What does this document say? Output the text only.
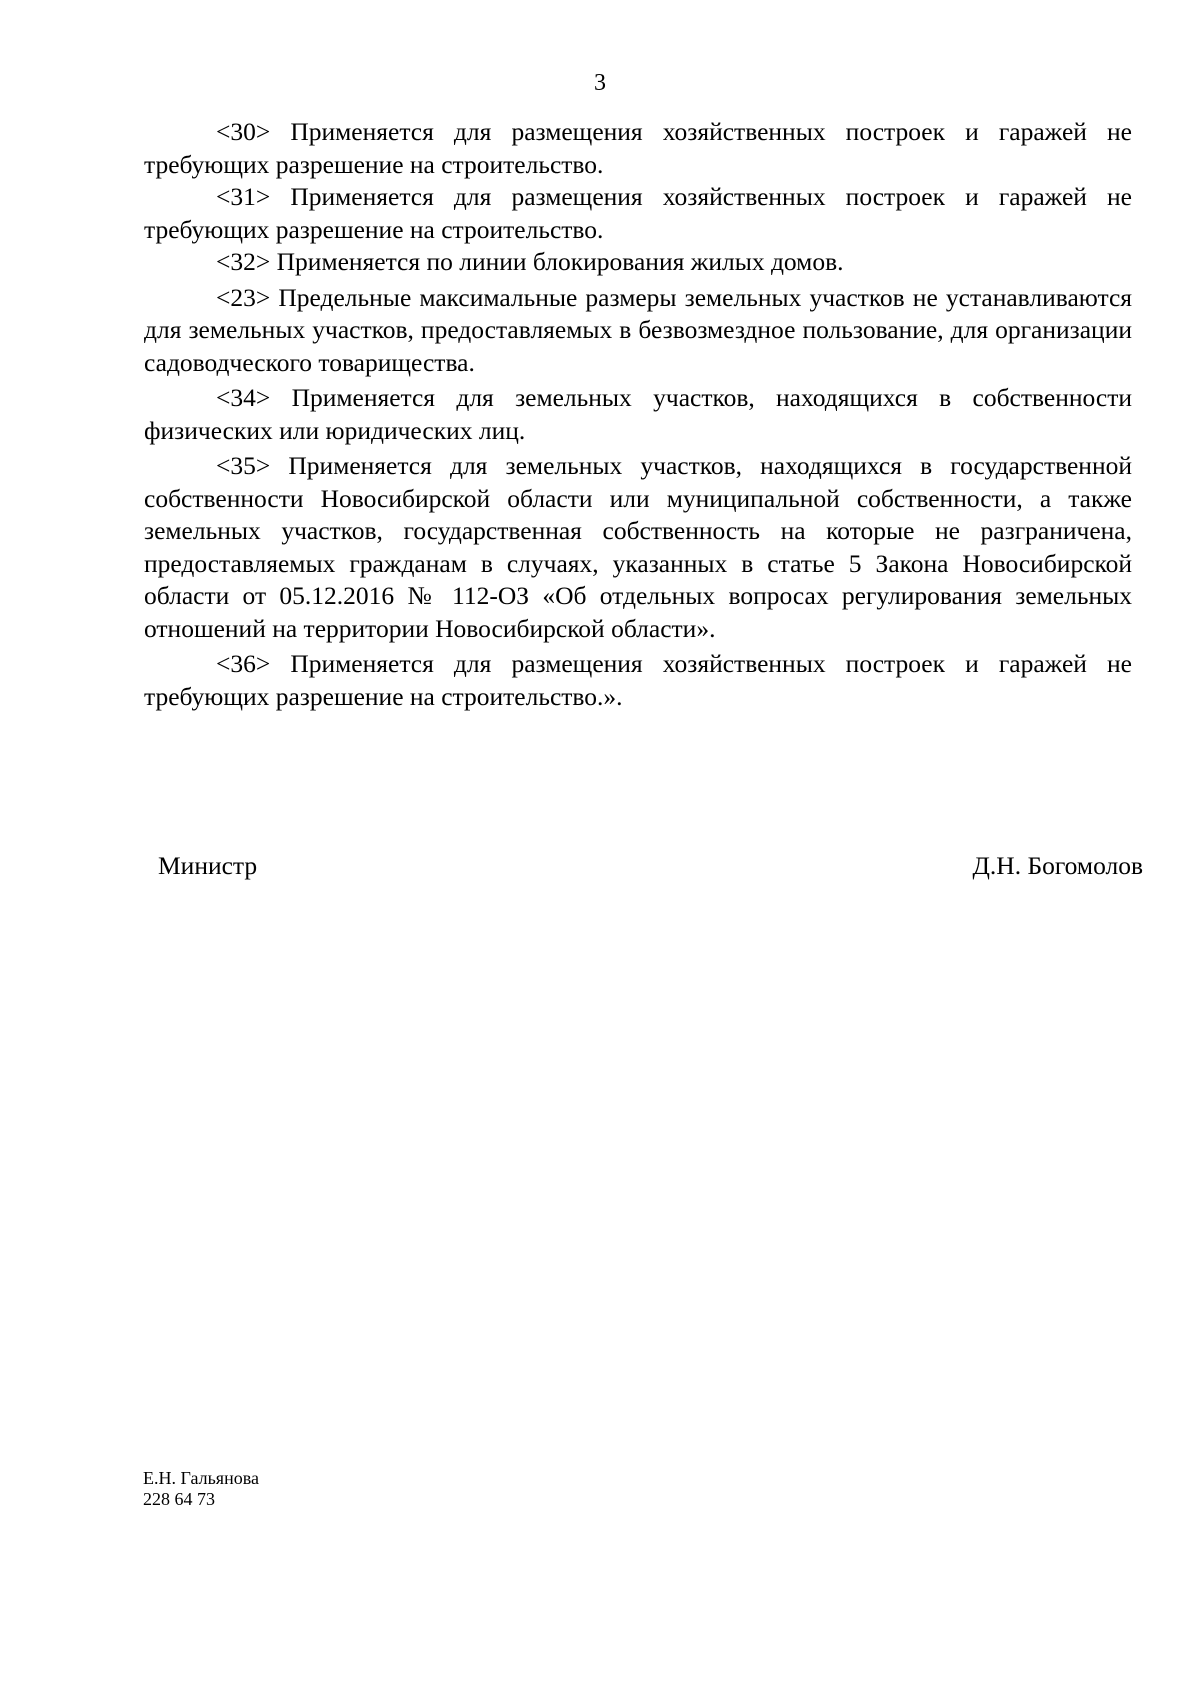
3

<30> Применяется для размещения хозяйственных построек и гаражей не требующих разрешение на строительство.

<31> Применяется для размещения хозяйственных построек и гаражей не требующих разрешение на строительство.

<32> Применяется по линии блокирования жилых домов.

<23> Предельные максимальные размеры земельных участков не устанавливаются для земельных участков, предоставляемых в безвозмездное пользование, для организации садоводческого товарищества.

<34> Применяется для земельных участков, находящихся в собственности физических или юридических лиц.

<35> Применяется для земельных участков, находящихся в государственной собственности Новосибирской области или муниципальной собственности, а также земельных участков, государственная собственность на которые не разграничена, предоставляемых гражданам в случаях, указанных в статье 5 Закона Новосибирской области от 05.12.2016 № 112-ОЗ «Об отдельных вопросах регулирования земельных отношений на территории Новосибирской области».

<36> Применяется для размещения хозяйственных построек и гаражей не требующих разрешение на строительство.».

Министр	Д.Н. Богомолов
Е.Н. Гальянова
228 64 73
